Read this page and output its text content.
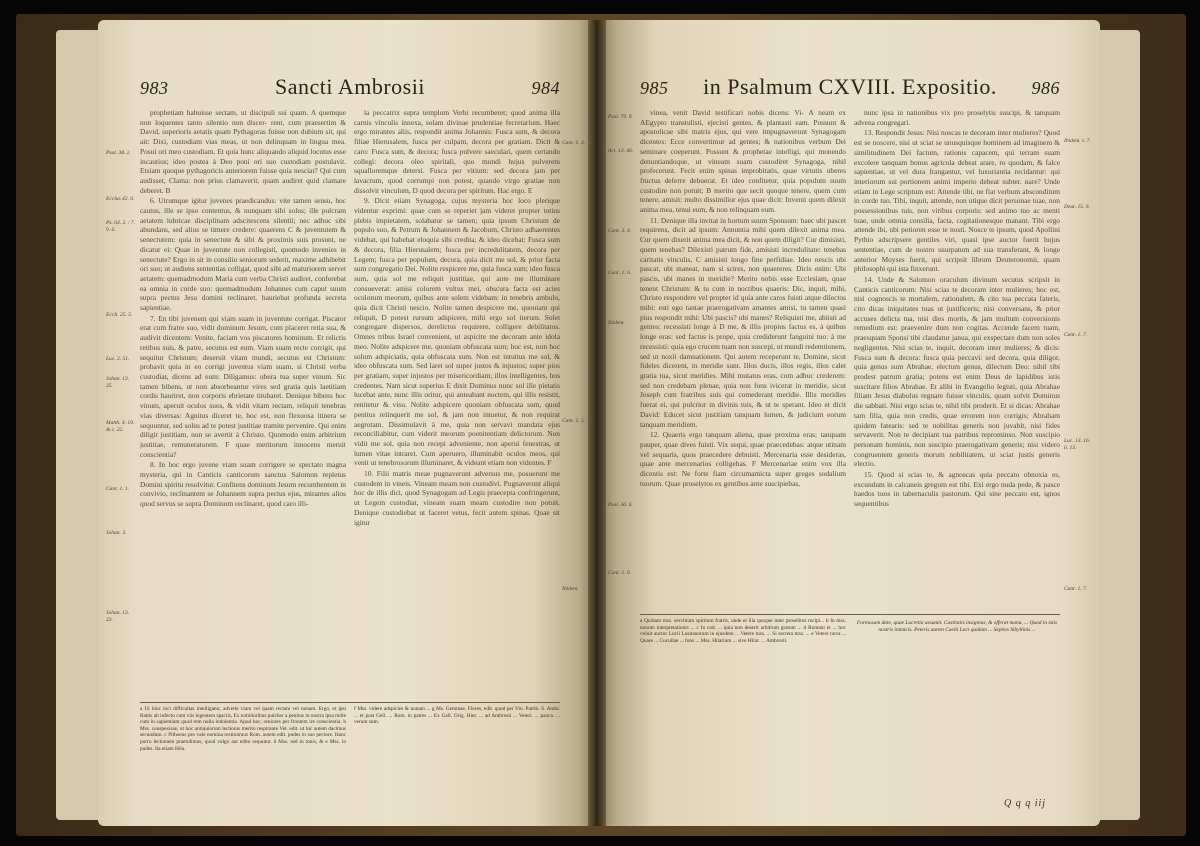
983	Sancti Ambrosii	984

prophetiam habuisse sectam, ut discipuli sui quam. A quemque non loquentes tanto silentio non discer- rent, cum praesertim & David, superioris aetatis quam Pythagoras fuisse non dubium sit, qui ait: Dixi, custodiam vias meas, ut non delinquam in lingua mea. Posui ori meo custodiam. Et quia hunc aliquando aliquid locutus esse incautius; ideo postea à Deo poni ori suo custodiam postulavit. Etsiam quoque pythagoricis anteriorem fuisse quia nesciat? Qui cum audisset, Clama: non prius clamaverit, quam audiret quid clamare deberet. B

6. Utrumque igitur juvenes praedicandus: vite tamen sensu, hoc cautus, ille se ipso contentus, & nunquam sibi solus; ille pulcram aetatem lubricae disciplinam adscitescens silentii; nec adhuc sibi abundans, sed alius se timere credere: quaerens C & juventutem & senectutem: quia in senectute & sibi & proximis suis prosunt, ne dicatur ei: Quae in juventute non collegisti, quomodo invenies in senectute? Ergo in sit in consilio seniorum sederit, maxime adhibebit ori suo; ut audiens sententias colligat, quod sibi ad maturiorem servet aetatem: quemadmodum Maria cum verba Christi audiret, conferebat ea omnia in corde suo: quemadmodum Johannes cum caput suum supra pectus Jesu domini reclinaret, hauriebat profunda secreta sapientiae.

7. En tibi juvenem qui viam suam in juventute corrigat. Piscator erat cum fratre suo, vidit dominum Jesum, cum placeret retia sua, & audivit dicentem: Venite, faciam vos piscatores hominum. Et relictis retibus suis, & patre, secutus est eum. Viam suam recte corrigit, qui sequitur Christum; deseruit vitam mundi, secutus est Christum: probavit quia in eo corrigi juventus viam suam, si Christi verba custodiat, dicens ad eum: Diligamus: ubera tua super vinum. Sic tamen bibens, ut non absorbeantur vires sed gratia quis laetitiam cordis hauriret, non corporis ebrietate titubaret. Denique bibens hoc vinum, aperuit oculos suos, & vidit vitam rectam, reliquit tenebras vias diversas: Agnitus diceret te, hoc est, non flexuosa itinera se sequuntur, sed solus ad te potest justitiae tramite pervenire. Qui enim diligit justitiam, non se avertit à Christo. Quomodo enim arbitrium justitiae, remuneratorem. F quae meritorum innocens meruit conscientia?

8. In hoc ergo juvene viam suam corrigere se spectato magna mysteria, qui in Canticis canticorum sanctus Salomon repletus Domini spiritu resolvitur. Confitens dominum Jesum recumbentem in convivio, reclinantem se Johannem supra pectus ejus, mirantes alios quod servus se supra Dominum reclinaret, quod caro illi-

la peccatrix supra templum Verbi recumberet; quod anima illa carnis vinculis innexa, solam divinae prudentiae fecretarium. Haec ergo mirantes aliis, respondit anima Johannis: Fusca sum, & decora filiae Hierusalem, fusca per culpam, decora per gratiam. Dicit & caro: Fusca sum, & decora; fusca pulvere saeculari, quem certando collegi: decora oleo spiritali, quo mundi hujus pulverem squalloremque detersi. Fusca per vitium: sed decora jam per lavacrum, quod corrumpi non potest, quando virgo gratiae non dissolvit vinculum, D quod decora per spiritum. Hac ergo. E

9. Dicit etiam Synagoga, cujus mysteria hoc loco plerique videntur exprimi: quae cum se reperiet jam videret propter totius plebis impietatem, solabatur se tamen; quia ipsum Christum de populo suo, & Petrum & Johannem & Jacobum, Christo adhaerentes videbat, qui habebat eloquia sibi credita; & ideo dicebat: Fusca sum & decora, filia Hierusalem; fusca per incredulitatem, decora per Legem; fusca per populum, decora, quia dicit me sol, & prior facta sum congregatio Dei. Nolite respicere me, quia fusca sum; ideo fusca sum, quia sol me reliquit justitiae, qui ante me illuminare consueverat: amisi colorem vultus mei, obscura facta est acies oculorum meorum, quibus ante solem videbam: in tenebris ambulo, quia dicit Christi nescio. Nolite tamen despicere me, quoniam qui reliquit, D potest rursum adspicere, mihi ergo sol iterum. Solet congregare dispersos, derelictos requirere, colligere debilitatos. Omnes tribus Israel convenient, ut aspicite me decoram ante idola meo. Nolite adspicere me, quoniam obfuscata sum; hoc est, non hoc solum adspiciatis, quia obfuscata sum. Non est intuitus me sol, & ideo obfuscata sum. Sed laret sol super justos & injustos; super pios per gratiam, super injustos per misericordiam; illos intelligentes, hos credentes. Nam sicut superius E dixit Dominus nunc sol ille pietatis lucebat ante, nunc illis oritur, qui anteabant noctem, qui illis resistit, renitetur & visu. Nolite adspicere quoniam obfuscata sum, quod penitus relinquerit me sol, & jam non intuetur, & non requirat aegrotam. Dissimulavit à me, quia non servavi mandata ejus reconciliabitur, cum viderit meorum poenitentiam delictorum. Non vidit me sol, quia non recepi adveniente, non aperui fenestras, ut lumen vitae intraret. Cum aperuero, illuminabit oculos meos, qui venit ut tenebrosorum illuminaret, & videant etiam non videntes. F

10. Filii matris meae pugnaverunt adversus me, posuerunt me custodem in vineis. Vineam meam non custodivi. Pugnaverunt aliqui hoc de illis dici, quod Synagogam ad Legis praecepta confringerunt, ut Legem custodiat, vineam suam meam custodire non potuit. Denique custodiebat ut faceret vetus, fecit autem spinas. Quae sit igitur

Psal. 38. 2.
Ecclus 42. 6.
Ps. 64. 2. / 7. 9. 6.
Eccli. 25. 5.
Luc. 2. 51.
Johan. 13. 25.
Matth. 4. 19. & c. 22.
Cant. 1. 1.
Johan. 3.
Johan. 13. 23.
Cant. 1. 4.
Cant. 1. 5.
Ibidem.
a Ut hinc loci difficultas intelligatur, adverte viam vel quam rectam vel nonam. Ergo, et ipsi Battis ab infecto cum viis legentem spaciis, Ex nobilioribus pulcher a penitus in nostra ipsa mille cum in sapientiam quod rem nulla indolentia. Apud hoc, seniores per frontem ire conscientia. b Mss. conspexisse, ut hoc antiquiorum lectionis merito respirante Vet. edit. ut hic autem dacimus secundum. c Pithoeus pro vale nomina restituimus Rom. autem edit. pudes in suo pectore. Hanc porro lectionem praetulimus, quod vulgo aut edito sequutur. d Mss. sed in tonis, & e Mss. in pudes. Ita etiam Hila.
f Mss. videre adspicies & nonam ... g Ms. Gemmae, Flores, edit. quod per Vin. Patrib. S. Ambr. ... et post Gell. ... Rom. in patres ... Ex Gall. Orig. Hier. ... ad Ambrosii ... Veteri. ... pauca. ... verum sum.
985 in Psalmum CXVIII. Expositio. 986

vinea, venit David testificari nobis dicens: Vi- A neam ex AEgypto transtulisti, ejecisti gentes, & plantasti eam. Possunt & apostolicae sibi matris ejus, qui vere impugnaverunt Synagogam dicentes: Ecce convertimur ad gentes; & nationibus verbum Dei seminare coeperunt. Possunt & prophetae intelligi, qui monendo denuntiandoque, ut vineam suam custodiret Synagoga, nihil profecerunt. Fecit enim spinas improbitatis, quae virtutis uberes fructus deferre debuerat. Et ideo confitetur, quia populum suum custodire non potuit; B merito que secit quoque tenere, quem cum tenere, amisit: multo dissimilior ejus quae dicit: Invenit quem dilexit anima mea, tenui eum, & non relinquam eum.

11. Denique illa invitat in hortum suum Sponsum: haec ubi pascet requirens, dicit ad ipsum: Annuntia mihi quem dilexit anima mea. Cur quem dixerit anima mea dicit, & non quem diligit? Cur dimisisti, quem tenebas? Dilexisti patrum fide, amisisti incredulitate: tenebas caritatis vinculis, C amisisti longo fine perfidiae. Ideo nescis ubi pascat, ubi maneat, nam si scires, non quaereres. Dicis enim: Ubi pascis, ubi manes in meridie? Merito nobis esse Ecclesiam, quae tenent Christum: & tu cum in noctibus quaeris: Dic, inquit, mihi, Christo respondere vel propter id quia ante caros fuisti atque dilectos mihi: esti ego tantae praerogativam amantes amisi, tu tamen quasi pius respondit mihi: Ubi pascis? ubi manes? Reliquisti me, abiisti ad gentes: recessisti longe à D me, & illis propius factus es, à quibus longe eras: sed factus is prope, quia crediderunt fanguini tuo: à me recessisti: quia ego crucem tuam non suscepi, ut mundi redemtionem, sed ut noxii damnationem. Qui autem receperunt te, Domine, sicut fideles dicerent, in meridie sunt. Illos ducis, illos regis, illos calet gratia tua, sicut meridies. Mihi mutatus eras, cum adhuc crederem: sed non credebam plenae, quia non fons ivicerat in meridie, sicut Joseph cum fratribus suis qui comederant meridie. Illis meridies fuerat ei, qui pulcrior in divinis tuis, & ut te sperant. Ideo et dicit David: Educet sicut justitiam tanquam lumen, & judicium eorum tanquam meridiem.

12. Quaeris ergo tanquam aliena, quae proxima eras; tanquam pauper, quae dives fuisti. Vix sequi, quae praecedebas: atque utinam vel sequaris, quos praecedere debuisti. Mercenaria esse desideras, quae ante mercenarios colligebas. F Mercenariae enim vox illa dicentis est: Ne forte fiam circumamicta super greges sodalium tuorum. Quae proselytos ex gentibus ante suscipiebas,

nunc ipsa in nationibus vix pro proselytis suscipi, & tanquam advena congregari.

13. Respondit Jesus: Nisi noscas te decoram inter mulieres? Quod est se noscere, nisi ut sciat se unusquisque hominem ad imaginem & similitudinem Dei factum, rationis capacem, qui terram suam excolere tanquam bonus agricola debeat arare, ro quodam, & falce sapientiae, ut vel dura frangantur, vel luxuriantia recidantur: qui interiorum sui portionem animi imperio debeat subter. nare? Unde etiam in Lege scriptum est: Attende tibi, ne fiat verbum absconditum in corde tuo. Tibi, inquit, attende, non utique dicit personae tuae, non possessionibus tuis, non viribus corporis: sed animo tuo ac menti tuae, unde omnia consilia, facta, cogitationesque manant. Tibi ergo attende ibi, ubi potioren esse te nosti. Nosce te ipsum, quod Apollini Pythio adscripsere gentiles viri, quasi ipse auctor fuerit hujus sententiae, cum de nostro usurpatum ad sua transferant, & longe anterior Moyses fuerit, qui scripsit librum Deuteronomii, quam philosophi qui ista finxerunt.

14. Unde & Salomon oraculum divinum secutus scripsit in Canticis canticorum: Nisi scias te decoram inter mulieres; hoc est, nisi cognoscis te mortalem, rationalem, & cito tua peccata fateris, cito dicas iniquitates tuas ut justificeris; nisi conversans, & prior accuses delicta tua, nisi dies mortis, & jam multum conversionis remedium est: praevenire dum non cogitas. Accende facem tuam, praesquam Sponsi tibi claudatur janua, qui exspectare dum non soles negligentes. Nisi scias te, inquit, decoram inter mulieres; & dicis: Fusca sum & decora: fusca quia peccavi: sed decora, quia diligor, quia genus sum Abrahae, electum genus, dilectum Deo: nihil tibi prodest patrum gratia; potens est enim Deus de lapidibus istis suscitare filios Abrahae. Et alibi in Evangelio legisti, quia Abrahae filiam Jesus diabolus regnare fuisse vinculis, quam solvit Dominus die sabbati. Nisi ergo scias te, nihil tibi proderit. Et si dicas: Abrahae tam filia, quia non credis, quae errorem non corrigis; Abraham quidem fatearis: sed te nobilitas generis non juvabit, nisi fides servaverit. Non te decipiant tua patribus reprominso. Non suscipio personam hominis, non suscipio praerogativam generis; nisi videro congruentem generis morum nobilitatem, ut sciat justis generis electio.

15. Quod si scias te, & agnoscas quia peccato obnoxia es, excundum in calcaneis gregum est tibi. Exi ergo nuda pede, & pasce haedos tuos in tabernaculis pastorum. Qui sine peccato est, ignos sequentibus

Psal. 79. 9.
Act. 13. 46.
Cant. 3. 4.
Cant. 1. 6.
Ibidem.
Psal. 36. 6.
Cant. 1. 6.
Ibidem. v. 7.
Deut. 15. 9.
Cant. 1. 7.
Luc. 13. 16. 6. 13.
Cant. 1. 7.
a Quidam mss. servitium spiritum fratris, unde et illa quoque inter proselitos recipi... b In mss. nonum interpretationis ... c In cod. ... quia non deserit arbitrum gratum ... d Romani et ... hoc voluit auctor Lucii Lusitanorum in ejusdem ... Vetere mss. ... Si secreta mss. ... e Vetere nova ... Quare ... Cucullae ... fons ... Mss. Hilarium ... sive Hilar. ... Ambrosii.
Formosam dote, quae Lucretia assumit. Castitatis insignias, & offerat manu, ... Quod in istis nostris inimicis. Peteris autem Caelii Laci quidam ... Septies Sibyllinis ...
Q q q iij
